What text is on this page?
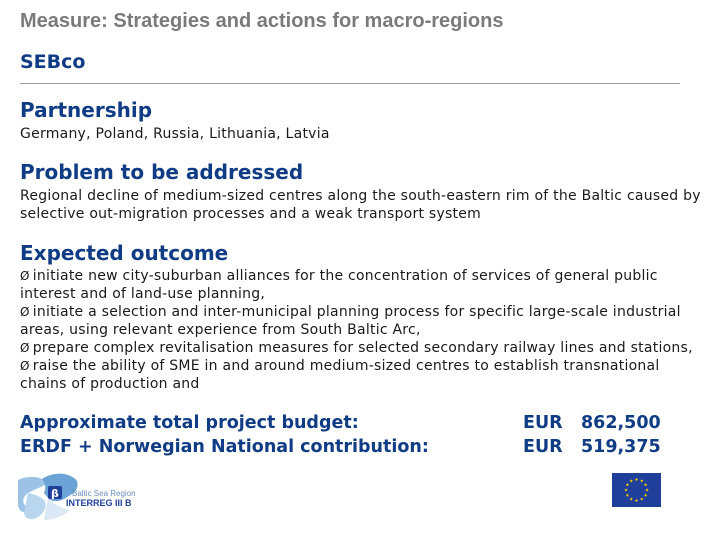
Measure: Strategies and actions for macro-regions
SEBco
Partnership
Germany, Poland, Russia, Lithuania, Latvia
Problem to be addressed
Regional decline of medium-sized centres along the south-eastern rim of the Baltic caused by selective out-migration processes and a weak transport system
Expected outcome

Ø initiate new city-suburban alliances for the concentration of services of general public interest and of land-use planning,

Ø initiate a selection and inter-municipal planning process for specific large-scale industrial areas, using relevant experience from South Baltic Arc,

Ø prepare complex revitalisation measures for selected secondary railway lines and stations,

Ø raise the ability of SME in and around medium-sized centres to establish transnational chains of production and

Approximate total project budget:	EUR 862,500
ERDF + Norwegian National contribution:	EUR 519,375
β Baltic Sea Region
INTERREG III B
